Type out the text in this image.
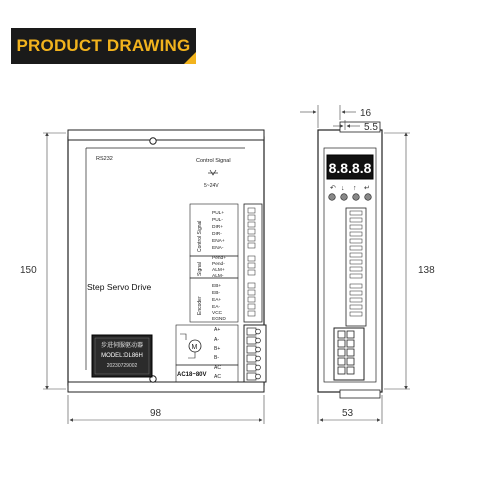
PRODUCT DRAWING
RS232	Control Signal
5~24V
Step Servo Drive
Control Signal
Signal
Encoder
PUL+
PUL-
DIR+
DIR-
ENA+
ENA-
Pend+
Pend-
ALM+
ALM-
EB+
EB-
EA+
EA-
VCC
EGND
M
A+
A-
B+
B-
AC18~80V
AC
AC
步进伺服驱动器
MODEL:DL86H
20230729002
150
98
8.8.8.8
↶ ↓ ↑ ↵
138
53
16
5.5
